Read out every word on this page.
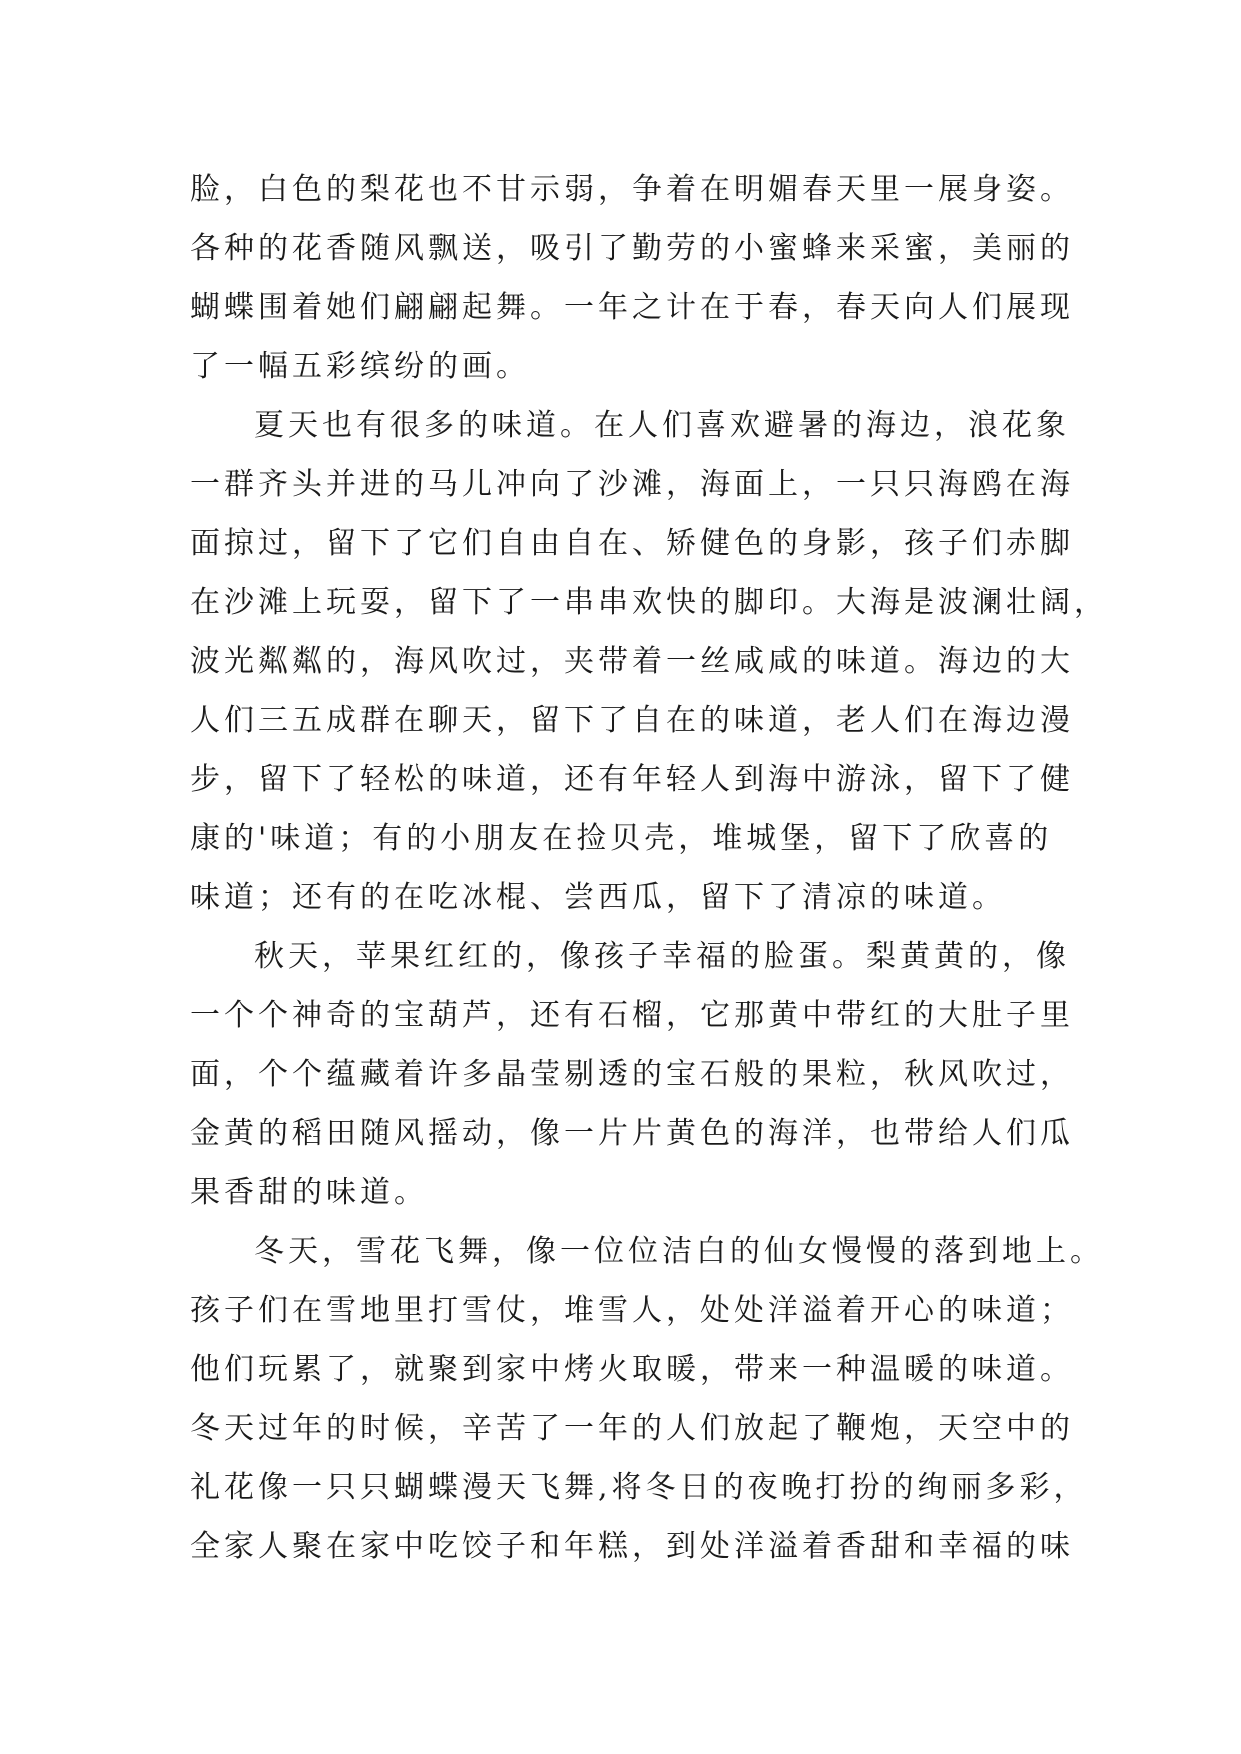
脸，白色的梨花也不甘示弱，争着在明媚春天里一展身姿。
各种的花香随风飘送，吸引了勤劳的小蜜蜂来采蜜，美丽的
蝴蝶围着她们翩翩起舞。一年之计在于春，春天向人们展现
了一幅五彩缤纷的画。
夏天也有很多的味道。在人们喜欢避暑的海边，浪花象
一群齐头并进的马儿冲向了沙滩，海面上，一只只海鸥在海
面掠过，留下了它们自由自在、矫健色的身影，孩子们赤脚
在沙滩上玩耍，留下了一串串欢快的脚印。大海是波澜壮阔，
波光粼粼的，海风吹过，夹带着一丝咸咸的味道。海边的大
人们三五成群在聊天，留下了自在的味道，老人们在海边漫
步，留下了轻松的味道，还有年轻人到海中游泳，留下了健
康的'味道；有的小朋友在捡贝壳，堆城堡，留下了欣喜的
味道；还有的在吃冰棍、尝西瓜，留下了清凉的味道。
秋天，苹果红红的，像孩子幸福的脸蛋。梨黄黄的，像
一个个神奇的宝葫芦，还有石榴，它那黄中带红的大肚子里
面，个个蕴藏着许多晶莹剔透的宝石般的果粒，秋风吹过，
金黄的稻田随风摇动，像一片片黄色的海洋，也带给人们瓜
果香甜的味道。
冬天，雪花飞舞，像一位位洁白的仙女慢慢的落到地上。
孩子们在雪地里打雪仗，堆雪人，处处洋溢着开心的味道；
他们玩累了，就聚到家中烤火取暖，带来一种温暖的味道。
冬天过年的时候，辛苦了一年的人们放起了鞭炮，天空中的
礼花像一只只蝴蝶漫天飞舞,将冬日的夜晚打扮的绚丽多彩，
全家人聚在家中吃饺子和年糕，到处洋溢着香甜和幸福的味
